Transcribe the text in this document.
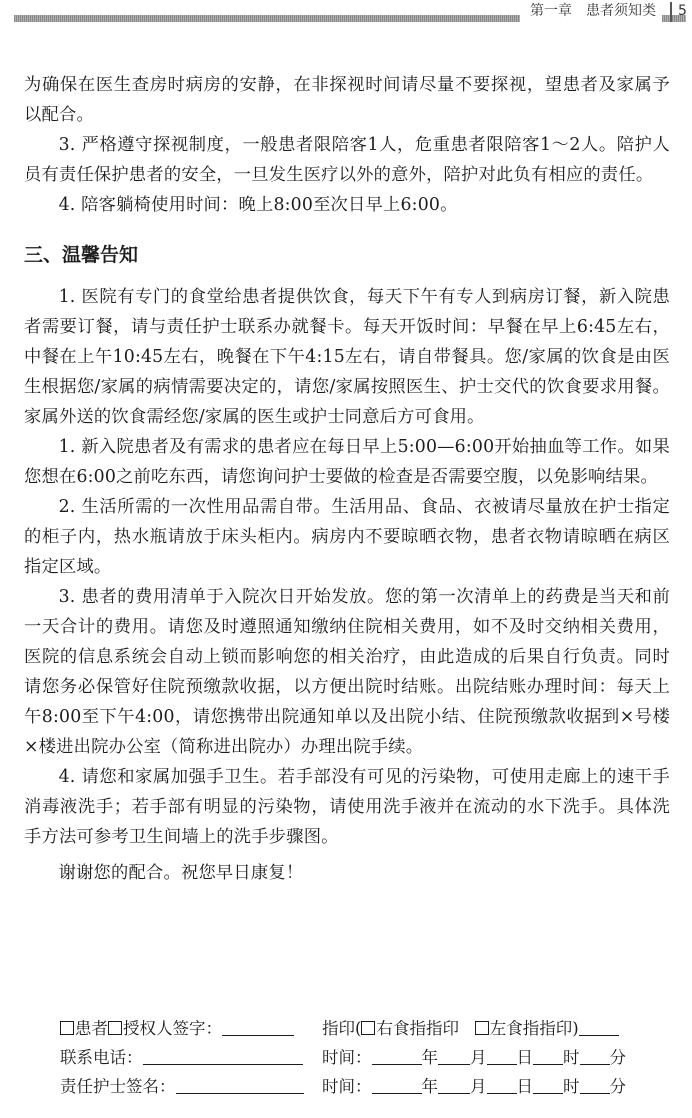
第一章　患者须知类	5

为确保在医生查房时病房的安静，在非探视时间请尽量不要探视，望患者及家属予以配合。

3. 严格遵守探视制度，一般患者限陪客1人，危重患者限陪客1～2人。陪护人员有责任保护患者的安全，一旦发生医疗以外的意外，陪护对此负有相应的责任。

4. 陪客躺椅使用时间：晚上8:00至次日早上6:00。

三、温馨告知

1. 医院有专门的食堂给患者提供饮食，每天下午有专人到病房订餐，新入院患者需要订餐，请与责任护士联系办就餐卡。每天开饭时间：早餐在早上6:45左右，中餐在上午10:45左右，晚餐在下午4:15左右，请自带餐具。您/家属的饮食是由医生根据您/家属的病情需要决定的，请您/家属按照医生、护士交代的饮食要求用餐。家属外送的饮食需经您/家属的医生或护士同意后方可食用。

1. 新入院患者及有需求的患者应在每日早上5:00—6:00开始抽血等工作。如果您想在6:00之前吃东西，请您询问护士要做的检查是否需要空腹，以免影响结果。

2. 生活所需的一次性用品需自带。生活用品、食品、衣被请尽量放在护士指定的柜子内，热水瓶请放于床头柜内。病房内不要晾晒衣物，患者衣物请晾晒在病区指定区域。

3. 患者的费用清单于入院次日开始发放。您的第一次清单上的药费是当天和前一天合计的费用。请您及时遵照通知缴纳住院相关费用，如不及时交纳相关费用，医院的信息系统会自动上锁而影响您的相关治疗，由此造成的后果自行负责。同时请您务必保管好住院预缴款收据，以方便出院时结账。出院结账办理时间：每天上午8:00至下午4:00，请您携带出院通知单以及出院小结、住院预缴款收据到×号楼×楼进出院办公室（简称进出院办）办理出院手续。

4. 请您和家属加强手卫生。若手部没有可见的污染物，可使用走廊上的速干手消毒液洗手；若手部有明显的污染物，请使用洗手液并在流动的水下洗手。具体洗手方法可参考卫生间墙上的洗手步骤图。

谢谢您的配合。祝您早日康复！

患者 授权人签字：	指印( 右食指指印 左食指指印)
联系电话：	时间：	年 月 日 时 分
责任护士签名：	时间：	年 月 日 时 分
